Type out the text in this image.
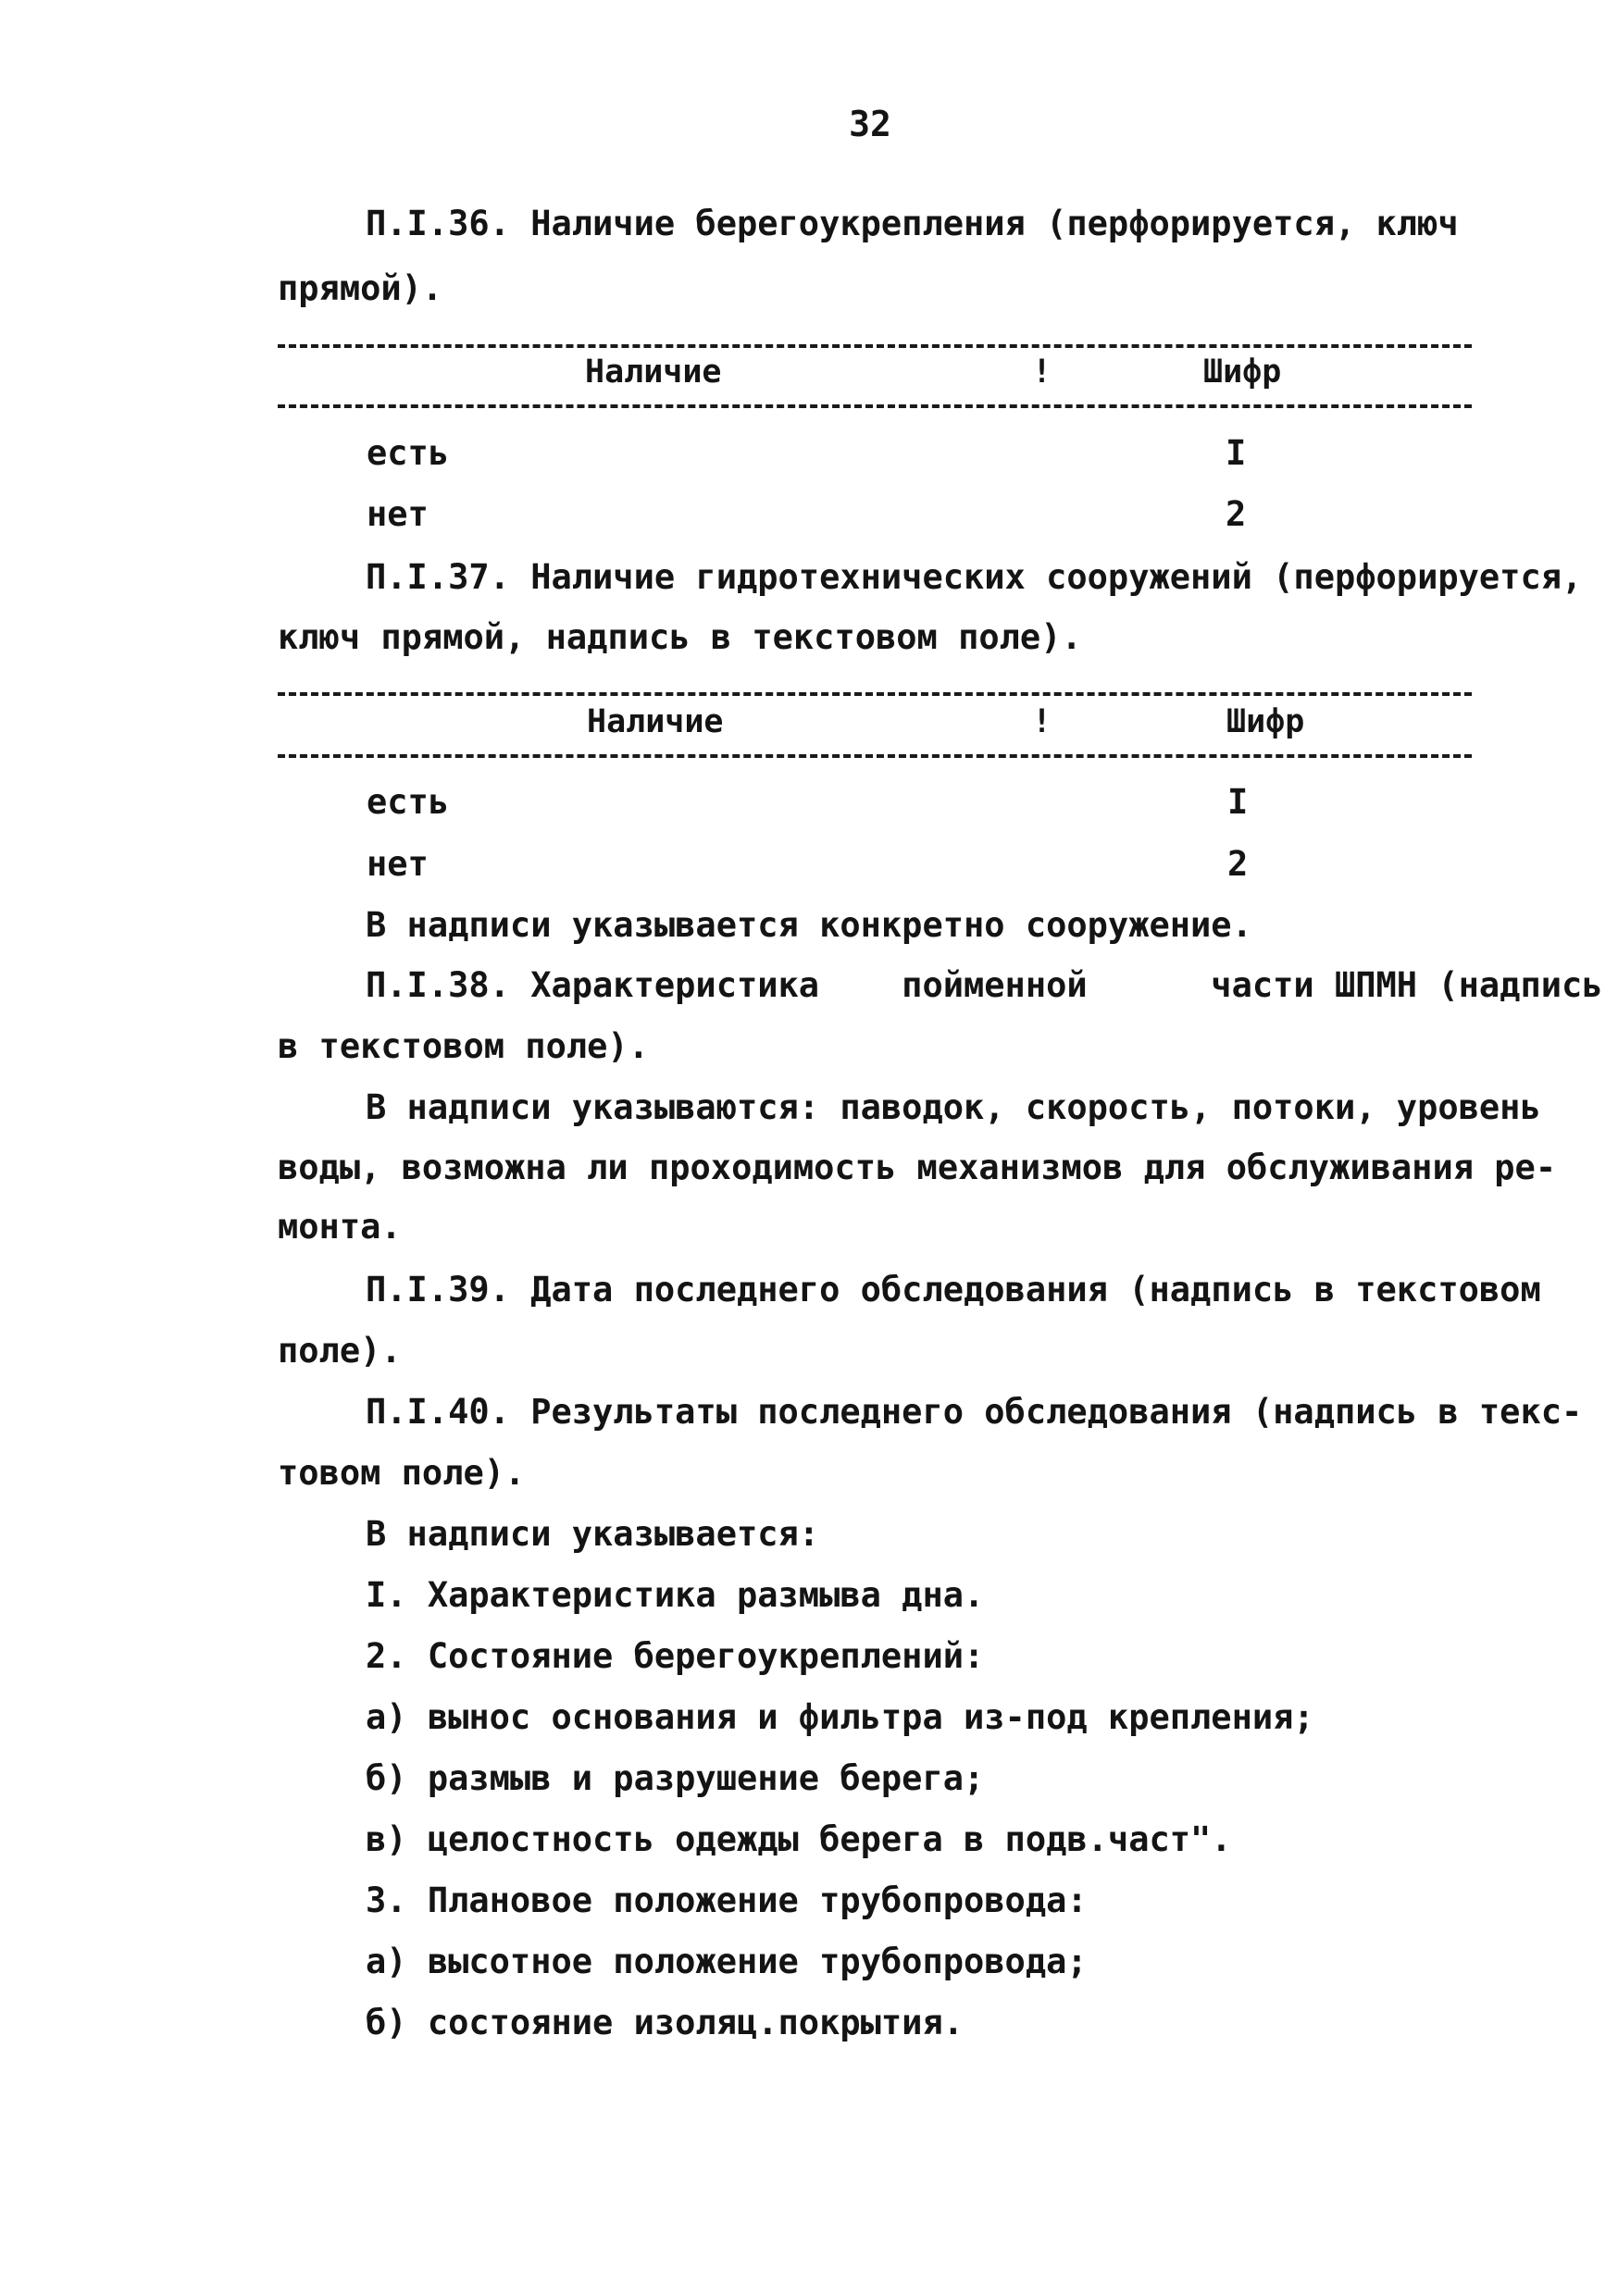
32
П.I.36. Наличие берегоукрепления (перфорируется, ключ
прямой).
Наличие	!	Шифр
есть	I
нет	2
П.I.37. Наличие гидротехнических сооружений (перфорируется,
ключ прямой, надпись в текстовом поле).
Наличие	!	Шифр
есть	I
нет	2
В надписи указывается конкретно сооружение.
П.I.38. Характеристика    пойменной      части ШПМН (надпись
в текстовом поле).
В надписи указываются: паводок, скорость, потоки, уровень
воды, возможна ли проходимость механизмов для обслуживания ре-
монта.
П.I.39. Дата последнего обследования (надпись в текстовом
поле).
П.I.40. Результаты последнего обследования (надпись в текс-
товом поле).
В надписи указывается:
I. Характеристика размыва дна.
2. Состояние берегоукреплений:
а) вынос основания и фильтра из-под крепления;
б) размыв и разрушение берега;
в) целостность одежды берега в подв.част".
3. Плановое положение трубопровода:
а) высотное положение трубопровода;
б) состояние изоляц.покрытия.
